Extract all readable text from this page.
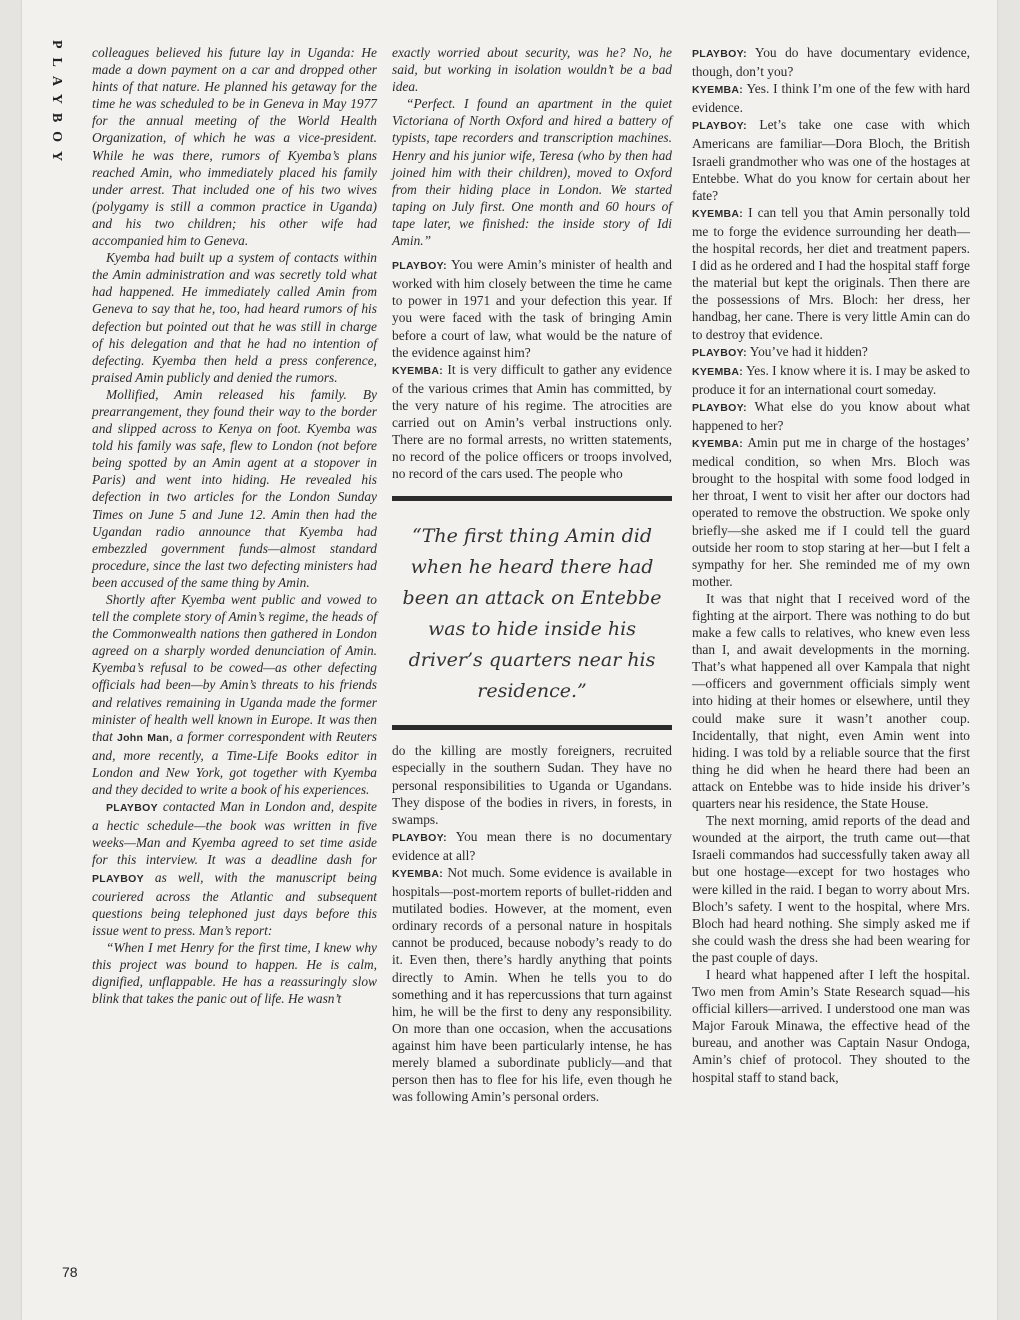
PLAYBOY colleagues believed his future lay in Uganda: He made a down payment on a car and dropped other hints of that nature. He planned his getaway for the time he was scheduled to be in Geneva in May 1977 for the annual meeting of the World Health Organization, of which he was a vice-president. While he was there, rumors of Kyemba’s plans reached Amin, who immediately placed his family under arrest. That included one of his two wives (polygamy is still a common practice in Uganda) and his two children; his other wife had accompanied him to Geneva.

Kyemba had built up a system of contacts within the Amin administration and was secretly told what had happened. He immediately called Amin from Geneva to say that he, too, had heard rumors of his defection but pointed out that he was still in charge of his delegation and that he had no intention of defecting. Kyemba then held a press conference, praised Amin publicly and denied the rumors.

Mollified, Amin released his family. By prearrangement, they found their way to the border and slipped across to Kenya on foot. Kyemba was told his family was safe, flew to London (not before being spotted by an Amin agent at a stopover in Paris) and went into hiding. He revealed his defection in two articles for the London Sunday Times on June 5 and June 12. Amin then had the Ugandan radio announce that Kyemba had embezzled government funds—almost standard procedure, since the last two defecting ministers had been accused of the same thing by Amin.

Shortly after Kyemba went public and vowed to tell the complete story of Amin’s regime, the heads of the Commonwealth nations then gathered in London agreed on a sharply worded denunciation of Amin. Kyemba’s refusal to be cowed—as other defecting officials had been—by Amin’s threats to his friends and relatives remaining in Uganda made the former minister of health well known in Europe. It was then that John Man, a former correspondent with Reuters and, more recently, a Time-Life Books editor in London and New York, got together with Kyemba and they decided to write a book of his experiences.

PLAYBOY contacted Man in London and, despite a hectic schedule—the book was written in five weeks—Man and Kyemba agreed to set time aside for this interview. It was a deadline dash for PLAYBOY as well, with the manuscript being couriered across the Atlantic and subsequent questions being telephoned just days before this issue went to press. Man’s report:

“When I met Henry for the first time, I knew why this project was bound to happen. He is calm, dignified, unflappable. He has a reassuringly slow blink that takes the panic out of life. He wasn’t

exactly worried about security, was he? No, he said, but working in isolation wouldn’t be a bad idea.

“Perfect. I found an apartment in the quiet Victoriana of North Oxford and hired a battery of typists, tape recorders and transcription machines. Henry and his junior wife, Teresa (who by then had joined him with their children), moved to Oxford from their hiding place in London. We started taping on July first. One month and 60 hours of tape later, we finished: the inside story of Idi Amin.”

PLAYBOY: You were Amin’s minister of health and worked with him closely between the time he came to power in 1971 and your defection this year. If you were faced with the task of bringing Amin before a court of law, what would be the nature of the evidence against him?

KYEMBA: It is very difficult to gather any evidence of the various crimes that Amin has committed, by the very nature of his regime. The atrocities are carried out on Amin’s verbal instructions only. There are no formal arrests, no written statements, no record of the police officers or troops involved, no record of the cars used. The people who

“The first thing Amin did when he heard there had been an attack on Entebbe was to hide inside his driver’s quarters near his residence.”

do the killing are mostly foreigners, recruited especially in the southern Sudan. They have no personal responsibilities to Uganda or Ugandans. They dispose of the bodies in rivers, in forests, in swamps.

PLAYBOY: You mean there is no documentary evidence at all?

KYEMBA: Not much. Some evidence is available in hospitals—post-mortem reports of bullet-ridden and mutilated bodies. However, at the moment, even ordinary records of a personal nature in hospitals cannot be produced, because nobody’s ready to do it. Even then, there’s hardly anything that points directly to Amin. When he tells you to do something and it has repercussions that turn against him, he will be the first to deny any responsibility. On more than one occasion, when the accusations against him have been particularly intense, he has merely blamed a subordinate publicly—and that person then has to flee for his life, even though he was following Amin’s personal orders.

PLAYBOY: You do have documentary evidence, though, don’t you?

KYEMBA: Yes. I think I’m one of the few with hard evidence.

PLAYBOY: Let’s take one case with which Americans are familiar—Dora Bloch, the British Israeli grandmother who was one of the hostages at Entebbe. What do you know for certain about her fate?

KYEMBA: I can tell you that Amin personally told me to forge the evidence surrounding her death—the hospital records, her diet and treatment papers. I did as he ordered and I had the hospital staff forge the material but kept the originals. Then there are the possessions of Mrs. Bloch: her dress, her handbag, her cane. There is very little Amin can do to destroy that evidence.

PLAYBOY: You’ve had it hidden?

KYEMBA: Yes. I know where it is. I may be asked to produce it for an international court someday.

PLAYBOY: What else do you know about what happened to her?

KYEMBA: Amin put me in charge of the hostages’ medical condition, so when Mrs. Bloch was brought to the hospital with some food lodged in her throat, I went to visit her after our doctors had operated to remove the obstruction. We spoke only briefly—she asked me if I could tell the guard outside her room to stop staring at her—but I felt a sympathy for her. She reminded me of my own mother.

It was that night that I received word of the fighting at the airport. There was nothing to do but make a few calls to relatives, who knew even less than I, and await developments in the morning. That’s what happened all over Kampala that night—officers and government officials simply went into hiding at their homes or elsewhere, until they could make sure it wasn’t another coup. Incidentally, that night, even Amin went into hiding. I was told by a reliable source that the first thing he did when he heard there had been an attack on Entebbe was to hide inside his driver’s quarters near his residence, the State House.

The next morning, amid reports of the dead and wounded at the airport, the truth came out—that Israeli commandos had successfully taken away all but one hostage—except for two hostages who were killed in the raid. I began to worry about Mrs. Bloch’s safety. I went to the hospital, where Mrs. Bloch had heard nothing. She simply asked me if she could wash the dress she had been wearing for the past couple of days.

I heard what happened after I left the hospital. Two men from Amin’s State Research squad—his official killers—arrived. I understood one man was Major Farouk Minawa, the effective head of the bureau, and another was Captain Nasur Ondoga, Amin’s chief of protocol. They shouted to the hospital staff to stand back,

78
